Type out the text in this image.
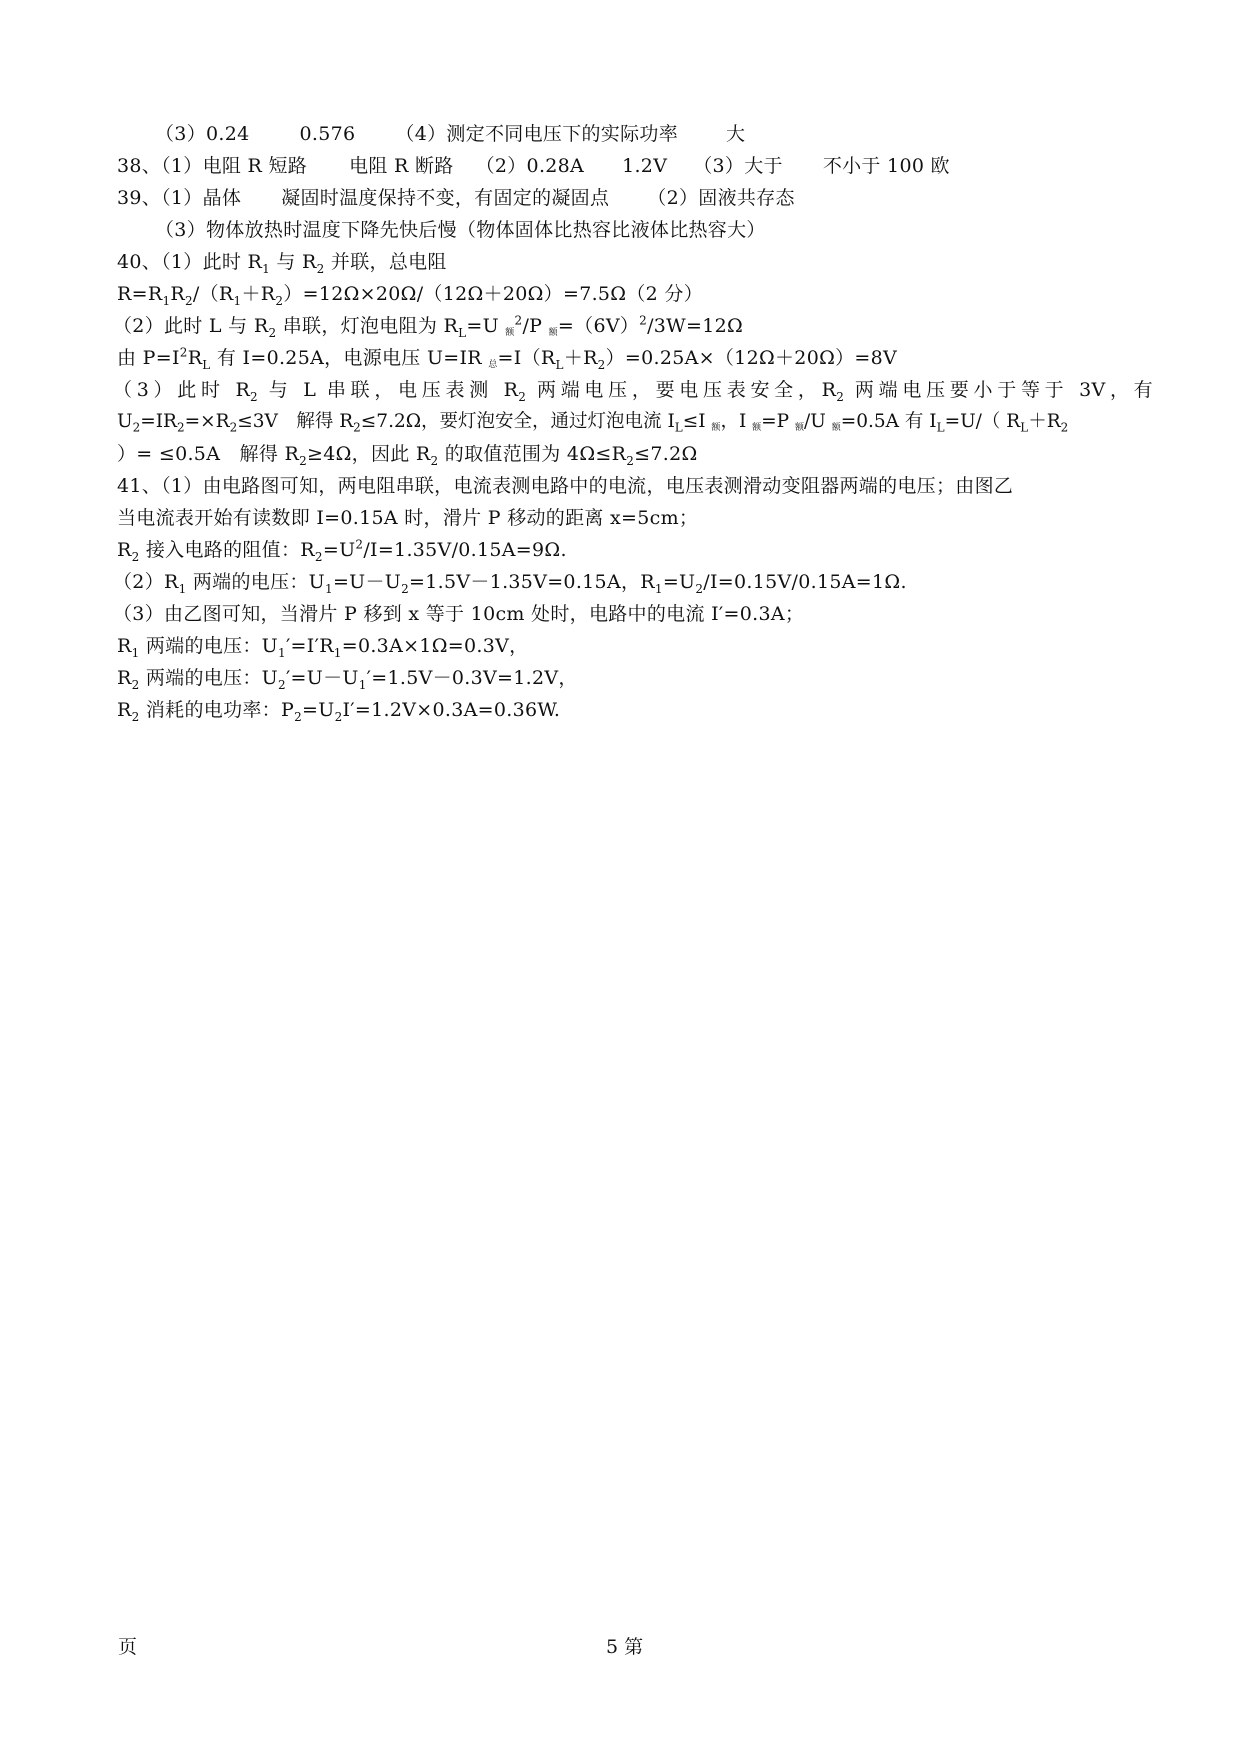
（3）0.24	0.576 （4）测定不同电压下的实际功率	大
38、（1）电阻 R 短路 电阻 R 断路 （2）0.28A 1.2V （3）大于 不小于 100 欧
39、（1）晶体 凝固时温度保持不变，有固定的凝固点 （2）固液共存态
（3）物体放热时温度下降先快后慢（物体固体比热容比液体比热容大）
40、（1）此时 $R_1$ 与 $R_2$ 并联，总电阻
$R=R_1R_2/(R_1+R_2)=12\Omega\times 20\Omega/(12\Omega+20\Omega)=7.5\Omega(2$ 分）
（2）此时 L 与 $R_2$ 串联，灯泡电阻为 $R_L=U$ 额$^2$/P 额$=(6V)^2/3W=12\Omega$
由 $P=I^2R_L$ 有 I=0.25A，电源电压 U=IR 总$=I(R_L+R_2)=0.25A\times(12\Omega+20\Omega)=8V$
（3）此时 $R_2$ 与 L 串联，电压表测 $R_2$ 两端电压，要电压表安全，$R_2$ 两端电压要小于等于 3V，有
$U_2=IR_2=\times R_2\le 3V$　解得 $R_2\le 7.2\Omega$，要灯泡安全，通过灯泡电流 $I_L\le I$ 额，I 额=P 额/U 额=0.5A 有 $I_L=U/$（ $R_L+R_2$
）= ≤0.5A　解得 $R_2\ge 4\Omega$，因此 $R_2$ 的取值范围为 $4\Omega\le R_2\le 7.2\Omega$
41、（1）由电路图可知，两电阻串联，电流表测电路中的电流，电压表测滑动变阻器两端的电压；由图乙
当电流表开始有读数即 I=0.15A 时，滑片 P 移动的距离 x=5cm；
$R_2$ 接入电路的阻值：$R_2=U^2/I=1.35V/0.15A=9\Omega$.
$(2)R_1$ 两端的电压：$U_1=U-U_2=1.5V-1.35V=0.15A$，$R_1=U_2/I=0.15V/0.15A=1\Omega$.
（3）由乙图可知，当滑片 P 移到 x 等于 10cm 处时，电路中的电流 I′=0.3A；
$R_1$ 两端的电压：$U_1'=I'R_1=0.3A\times 1\Omega=0.3V$，
$R_2$ 两端的电压：$U_2'=U-U_1'=1.5V-0.3V=1.2V$，
$R_2$ 消耗的电功率：$P_2=U_2I'=1.2V\times 0.3A=0.36W$.
页	5 第
